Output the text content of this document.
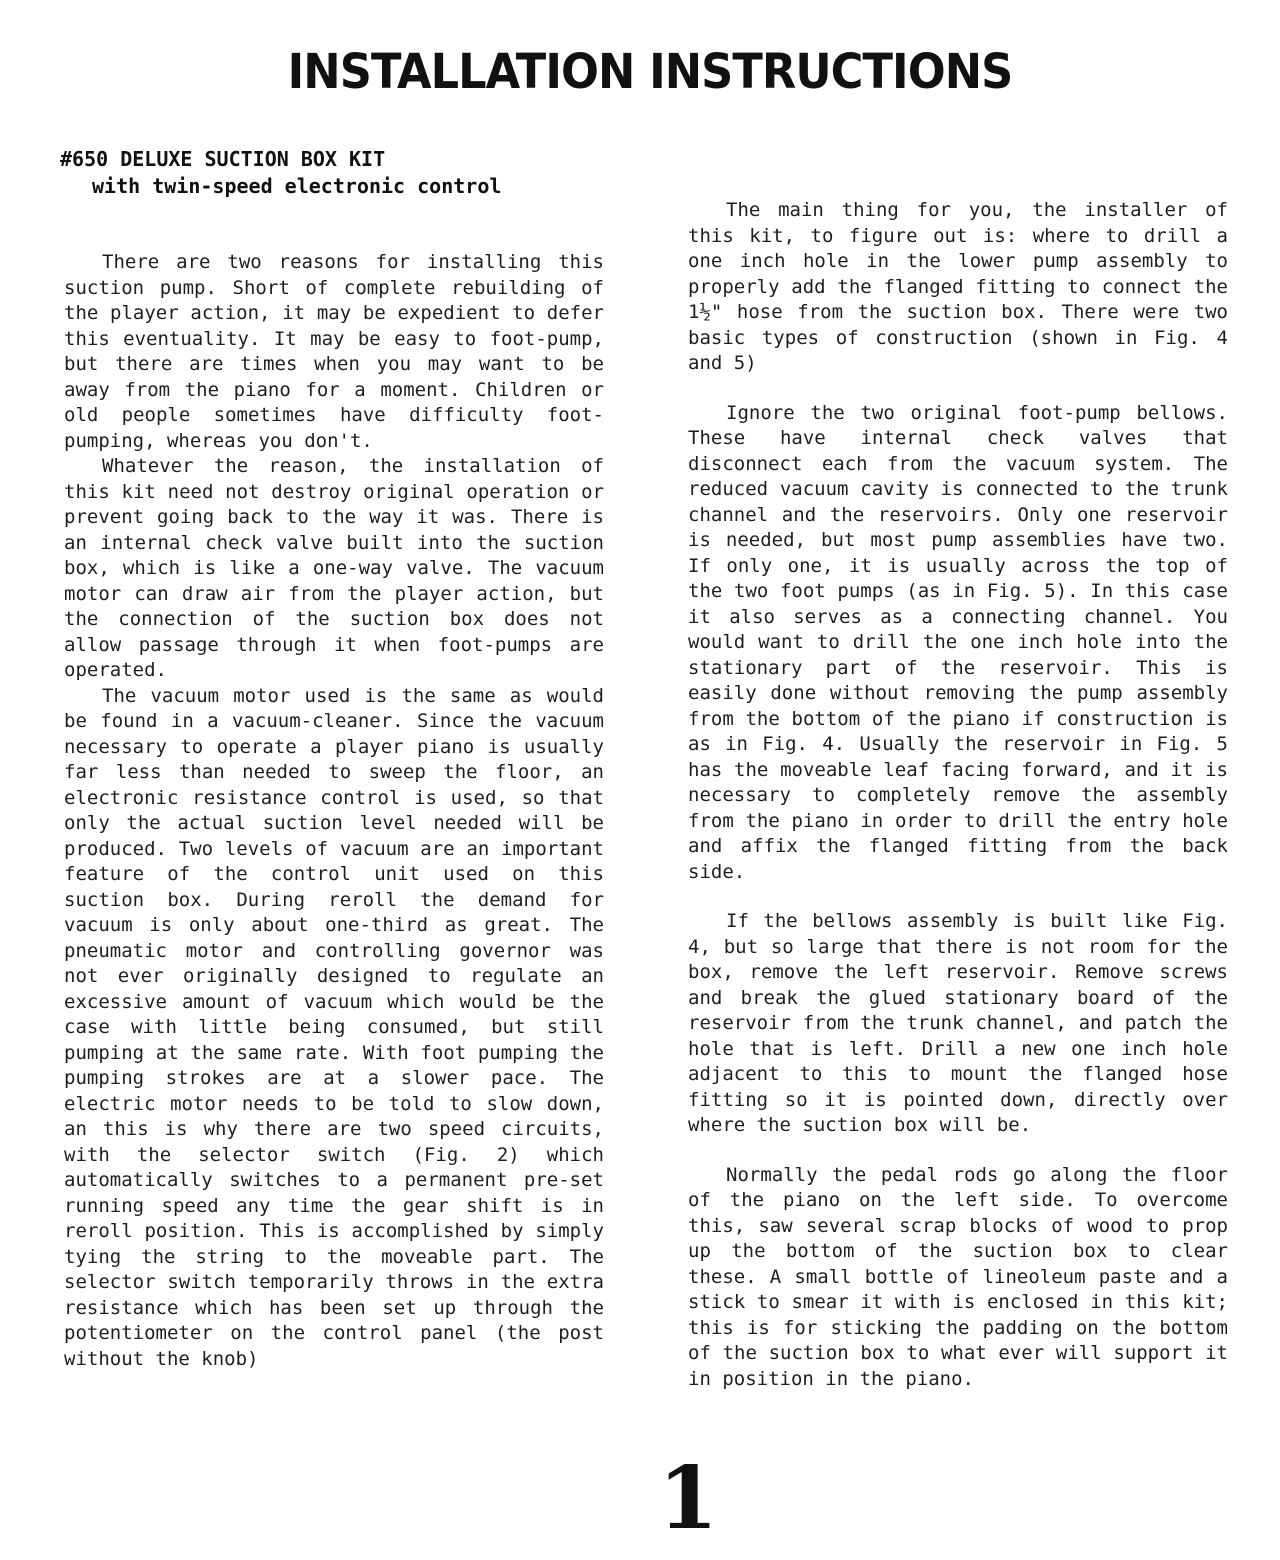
INSTALLATION INSTRUCTIONS
#650 DELUXE SUCTION BOX KIT
with twin-speed electronic control

There are two reasons for installing this suction pump. Short of complete rebuilding of the player action, it may be expedient to defer this eventuality. It may be easy to foot-pump, but there are times when you may want to be away from the piano for a moment. Children or old people sometimes have difficulty foot-pumping, whereas you don't.

Whatever the reason, the installation of this kit need not destroy original operation or prevent going back to the way it was. There is an internal check valve built into the suction box, which is like a one-way valve. The vacuum motor can draw air from the player action, but the connection of the suction box does not allow passage through it when foot-pumps are operated.

The vacuum motor used is the same as would be found in a vacuum-cleaner. Since the vacuum necessary to operate a player piano is usually far less than needed to sweep the floor, an electronic resistance control is used, so that only the actual suction level needed will be produced. Two levels of vacuum are an important feature of the control unit used on this suction box. During reroll the demand for vacuum is only about one-third as great. The pneumatic motor and controlling governor was not ever originally designed to regulate an excessive amount of vacuum which would be the case with little being consumed, but still pumping at the same rate. With foot pumping the pumping strokes are at a slower pace. The electric motor needs to be told to slow down, an this is why there are two speed circuits, with the selector switch (Fig. 2) which automatically switches to a permanent pre-set running speed any time the gear shift is in reroll position. This is accomplished by simply tying the string to the moveable part. The selector switch temporarily throws in the extra resistance which has been set up through the potentiometer on the control panel (the post without the knob)

The main thing for you, the installer of this kit, to figure out is: where to drill a one inch hole in the lower pump assembly to properly add the flanged fitting to connect the 1½" hose from the suction box. There were two basic types of construction (shown in Fig. 4 and 5)

Ignore the two original foot-pump bellows. These have internal check valves that disconnect each from the vacuum system. The reduced vacuum cavity is connected to the trunk channel and the reservoirs. Only one reservoir is needed, but most pump assemblies have two. If only one, it is usually across the top of the two foot pumps (as in Fig. 5). In this case it also serves as a connecting channel. You would want to drill the one inch hole into the stationary part of the reservoir. This is easily done without removing the pump assembly from the bottom of the piano if construction is as in Fig. 4. Usually the reservoir in Fig. 5 has the moveable leaf facing forward, and it is necessary to completely remove the assembly from the piano in order to drill the entry hole and affix the flanged fitting from the back side.

If the bellows assembly is built like Fig. 4, but so large that there is not room for the box, remove the left reservoir. Remove screws and break the glued stationary board of the reservoir from the trunk channel, and patch the hole that is left. Drill a new one inch hole adjacent to this to mount the flanged hose fitting so it is pointed down, directly over where the suction box will be.

Normally the pedal rods go along the floor of the piano on the left side. To overcome this, saw several scrap blocks of wood to prop up the bottom of the suction box to clear these. A small bottle of lineoleum paste and a stick to smear it with is enclosed in this kit; this is for sticking the padding on the bottom of the suction box to what ever will support it in position in the piano.

1
